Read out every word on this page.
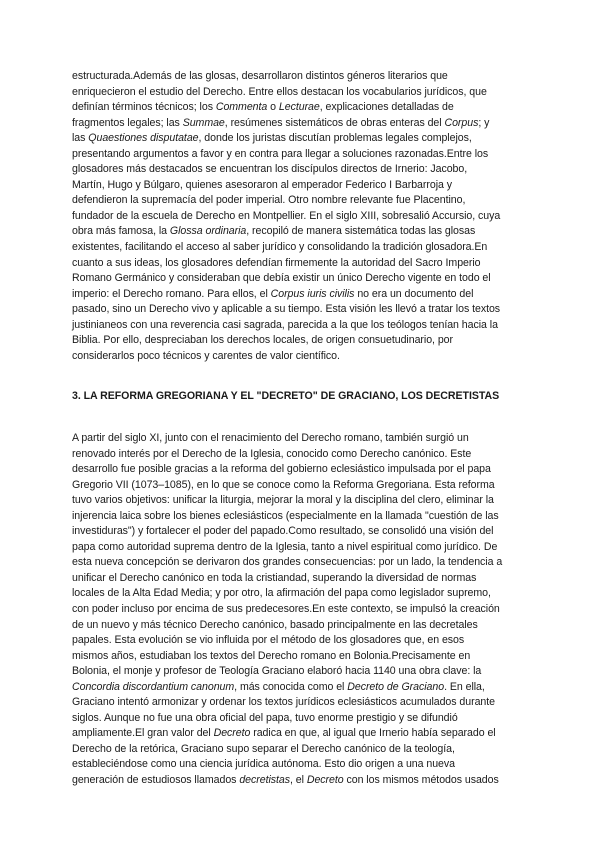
estructurada.Además de las glosas, desarrollaron distintos géneros literarios que
enriquecieron el estudio del Derecho. Entre ellos destacan los vocabularios jurídicos, que
definían términos técnicos; los Commenta o Lecturae, explicaciones detalladas de
fragmentos legales; las Summae, resúmenes sistemáticos de obras enteras del Corpus; y
las Quaestiones disputatae, donde los juristas discutían problemas legales complejos,
presentando argumentos a favor y en contra para llegar a soluciones razonadas.Entre los
glosadores más destacados se encuentran los discípulos directos de Irnerio: Jacobo,
Martín, Hugo y Búlgaro, quienes asesoraron al emperador Federico I Barbarroja y
defendieron la supremacía del poder imperial. Otro nombre relevante fue Placentino,
fundador de la escuela de Derecho en Montpellier. En el siglo XIII, sobresalió Accursio, cuya
obra más famosa, la Glossa ordinaria, recopiló de manera sistemática todas las glosas
existentes, facilitando el acceso al saber jurídico y consolidando la tradición glosadora.En
cuanto a sus ideas, los glosadores defendían firmemente la autoridad del Sacro Imperio
Romano Germánico y consideraban que debía existir un único Derecho vigente en todo el
imperio: el Derecho romano. Para ellos, el Corpus iuris civilis no era un documento del
pasado, sino un Derecho vivo y aplicable a su tiempo. Esta visión les llevó a tratar los textos
justinianeos con una reverencia casi sagrada, parecida a la que los teólogos tenían hacia la
Biblia. Por ello, despreciaban los derechos locales, de origen consuetudinario, por
considerarlos poco técnicos y carentes de valor científico.
3. LA REFORMA GREGORIANA Y EL "DECRETO" DE GRACIANO, LOS DECRETISTAS
A partir del siglo XI, junto con el renacimiento del Derecho romano, también surgió un
renovado interés por el Derecho de la Iglesia, conocido como Derecho canónico. Este
desarrollo fue posible gracias a la reforma del gobierno eclesiástico impulsada por el papa
Gregorio VII (1073–1085), en lo que se conoce como la Reforma Gregoriana. Esta reforma
tuvo varios objetivos: unificar la liturgia, mejorar la moral y la disciplina del clero, eliminar la
injerencia laica sobre los bienes eclesiásticos (especialmente en la llamada "cuestión de las
investiduras") y fortalecer el poder del papado.Como resultado, se consolidó una visión del
papa como autoridad suprema dentro de la Iglesia, tanto a nivel espiritual como jurídico. De
esta nueva concepción se derivaron dos grandes consecuencias: por un lado, la tendencia a
unificar el Derecho canónico en toda la cristiandad, superando la diversidad de normas
locales de la Alta Edad Media; y por otro, la afirmación del papa como legislador supremo,
con poder incluso por encima de sus predecesores.En este contexto, se impulsó la creación
de un nuevo y más técnico Derecho canónico, basado principalmente en las decretales
papales. Esta evolución se vio influida por el método de los glosadores que, en esos
mismos años, estudiaban los textos del Derecho romano en Bolonia.Precisamente en
Bolonia, el monje y profesor de Teología Graciano elaboró hacia 1140 una obra clave: la
Concordia discordantium canonum, más conocida como el Decreto de Graciano. En ella,
Graciano intentó armonizar y ordenar los textos jurídicos eclesiásticos acumulados durante
siglos. Aunque no fue una obra oficial del papa, tuvo enorme prestigio y se difundió
ampliamente.El gran valor del Decreto radica en que, al igual que Irnerio había separado el
Derecho de la retórica, Graciano supo separar el Derecho canónico de la teología,
estableciéndose como una ciencia jurídica autónoma. Esto dio origen a una nueva
generación de estudiosos llamados decretistas, el Decreto con los mismos métodos usados
